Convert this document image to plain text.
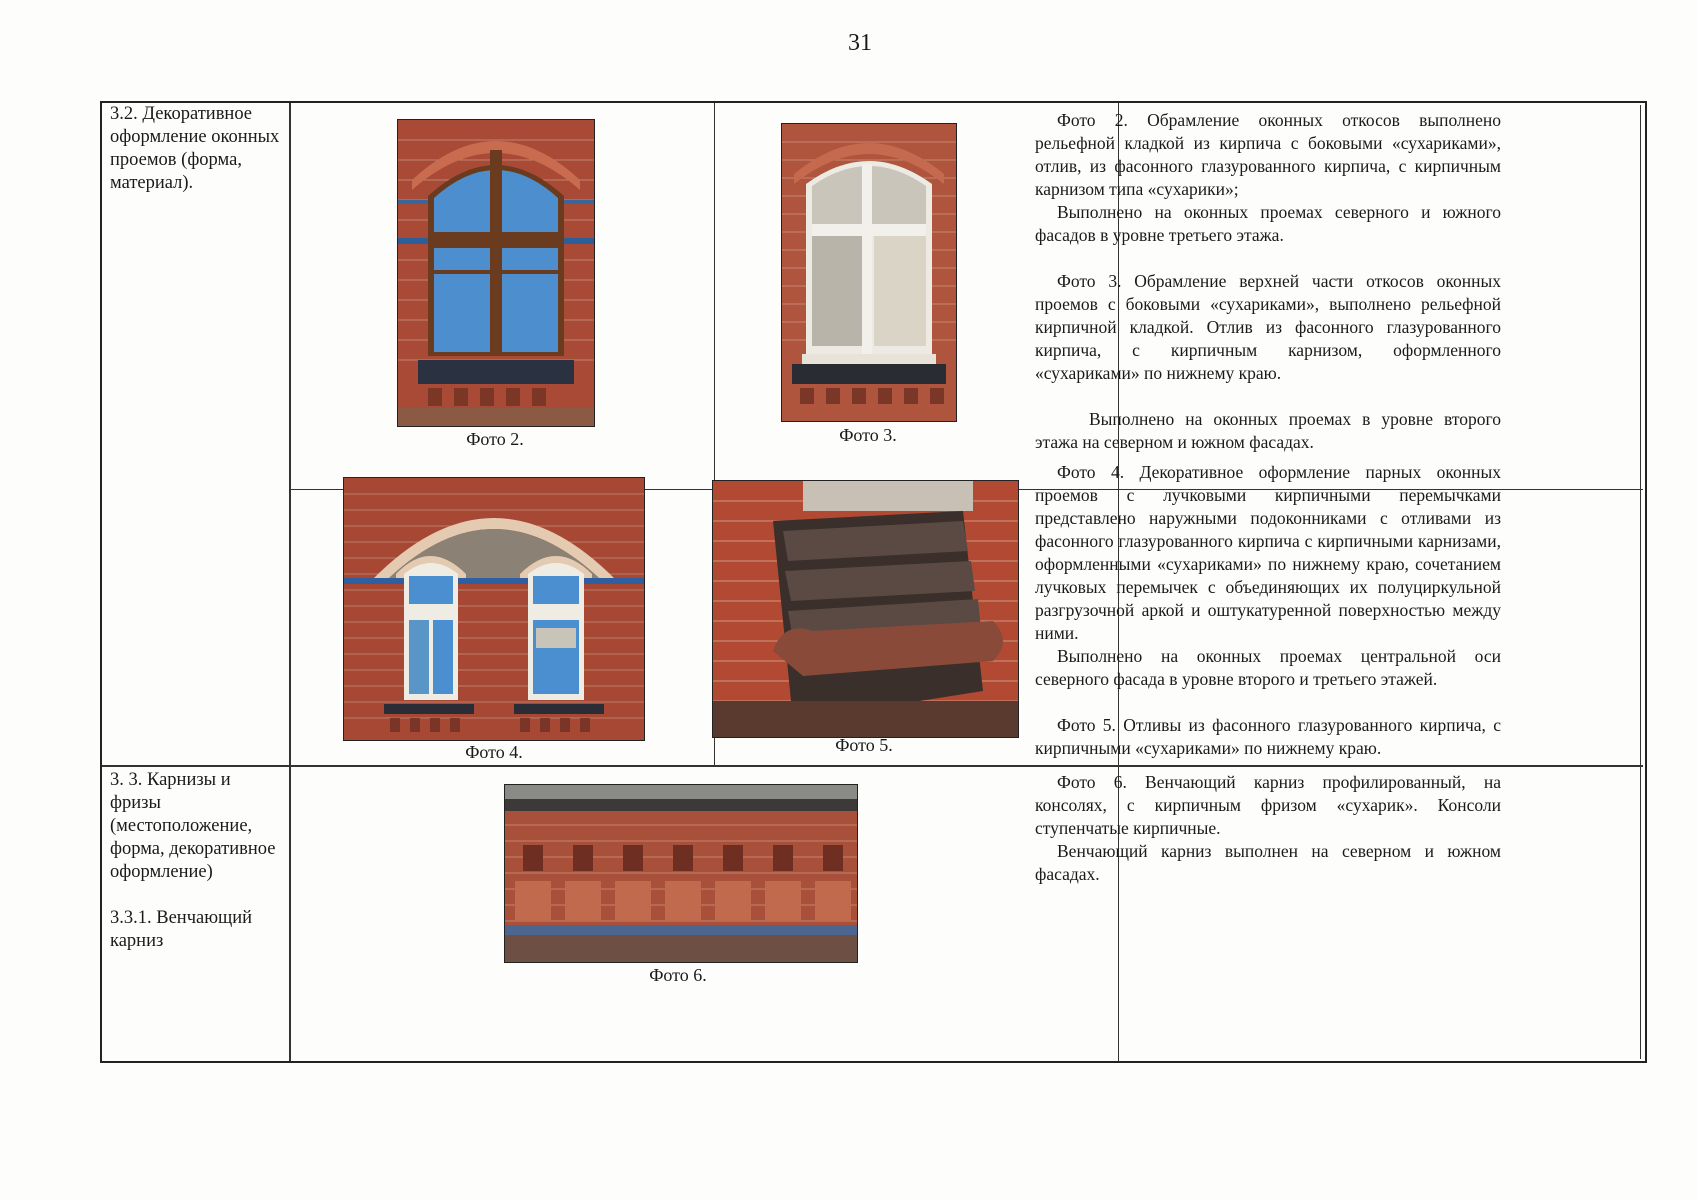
31
3.2. Декоративное оформление оконных проемов (форма, материал).
3. 3. Карнизы и фризы (местоположение, форма, декоративное оформление)
3.3.1. Венчающий карниз
Фото 2.	Фото 3.
Фото 4.	Фото 5.
Фото 6.

Фото 2. Обрамление оконных откосов выполнено рельефной кладкой из кирпича с боковыми «сухариками», отлив, из фасонного глазурованного кирпича, с кирпичным карнизом типа «сухарики»;

Выполнено на оконных проемах северного и южного фасадов в уровне третьего этажа.

Фото 3. Обрамление верхней части откосов оконных проемов с боковыми «сухариками», выполнено рельефной кирпичной кладкой. Отлив из фасонного глазурованного кирпича, с кирпичным карнизом, оформленного «сухариками» по нижнему краю.

Выполнено на оконных проемах в уровне второго этажа на северном и южном фасадах.

Фото 4. Декоративное оформление парных оконных проемов с лучковыми кирпичными перемычками представлено наружными подоконниками с отливами из фасонного глазурованного кирпича с кирпичными карнизами, оформленными «сухариками» по нижнему краю, сочетанием лучковых перемычек с объединяющих их полуциркульной разгрузочной аркой и оштукатуренной поверхностью между ними.

Выполнено на оконных проемах центральной оси северного фасада в уровне второго и третьего этажей.

Фото 5. Отливы из фасонного глазурованного кирпича, с кирпичными «сухариками» по нижнему краю.

Фото 6. Венчающий карниз профилированный, на консолях, с кирпичным фризом «сухарик». Консоли ступенчатые кирпичные.

Венчающий карниз выполнен на северном и южном фасадах.
